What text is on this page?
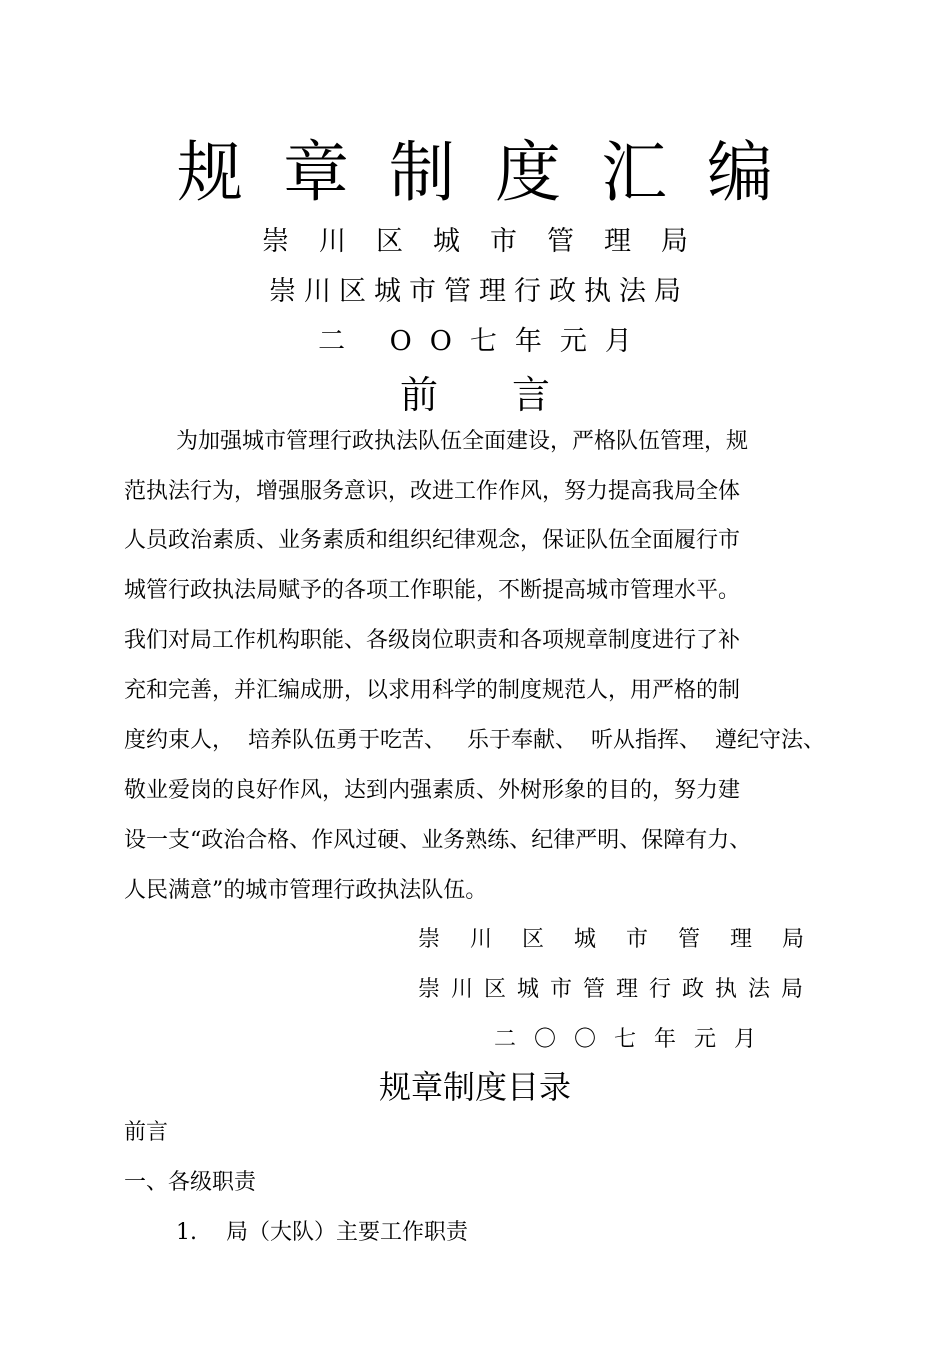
规章制度汇编
崇川区城市管理局
崇川区城市管理行政执法局
二 OO七年元月
前言
为加强城市管理行政执法队伍全面建设，严格队伍管理，规
范执法行为，增强服务意识，改进工作作风，努力提高我局全体
人员政治素质、业务素质和组织纪律观念，保证队伍全面履行市
城管行政执法局赋予的各项工作职能，不断提高城市管理水平。
我们对局工作机构职能、各级岗位职责和各项规章制度进行了补
充和完善，并汇编成册，以求用科学的制度规范人，用严格的制
度约束人，  培养队伍勇于吃苦、   乐于奉献、  听从指挥、  遵纪守法、
敬业爱岗的良好作风，达到内强素质、外树形象的目的，努力建
设一支“政治合格、作风过硬、业务熟练、纪律严明、保障有力、
人民满意”的城市管理行政执法队伍。
崇川区城市管理局
崇川区城市管理行政执法局
二〇〇七年元月
规章制度目录
前言
一、各级职责
1. 局（大队）主要工作职责
